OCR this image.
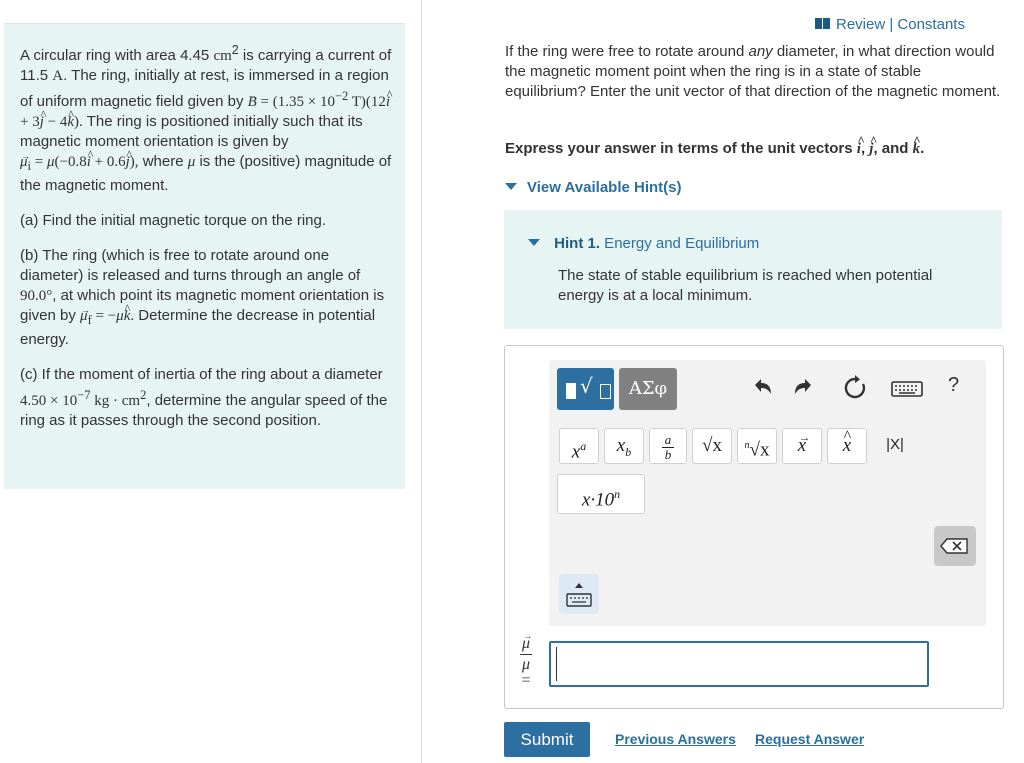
A circular ring with area 4.45 $cm^2$ is carrying a current of 11.5 A. The ring, initially at rest, is immersed in a region of uniform magnetic field given by → $B = (1.35 \times 10^{-2}$ T)(12^ i + 3^ j − 4^ k). The ring is positioned initially such that its magnetic moment orientation is given by
→ $\mu_i$ = μ(−0.8^ i + 0.6^ j), where μ is the (positive) magnitude of the magnetic moment.

(a) Find the initial magnetic torque on the ring.

(b) The ring (which is free to rotate around one diameter) is released and turns through an angle of 90.0°, at which point its magnetic moment orientation is given by → $\mu_f$ = −μ^ k. Determine the decrease in potential energy.

(c) If the moment of inertia of the ring about a diameter $4.50 \times 10^{-7}$ kg · $cm^2$, determine the angular speed of the ring as it passes through the second position.

Review | Constants
If the ring were free to rotate around any diameter, in what direction would the magnetic moment point when the ring is in a state of stable equilibrium? Enter the unit vector of that direction of the magnetic moment.
Express your answer in terms of the unit vectors ^ i, ^ j, and ^ k.
View Available Hint(s)
Hint 1. Energy and Equilibrium
The state of stable equilibrium is reached when potential energy is at a local minimum.
√	ΑΣφ	?
$x^a$	$x_b$
a
b	√x	$^n$√x	→ x	^ x	|X|
$x\cdot 10^n$
→ μ
μ
=
Submit	Previous Answers Request Answer
